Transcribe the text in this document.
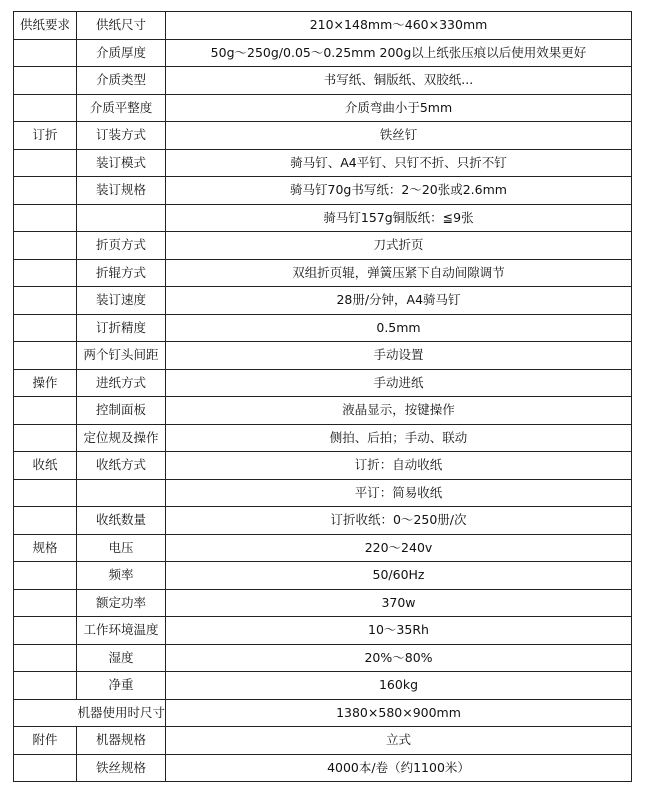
供纸要求	供纸尺寸	210×148mm～460×330mm
	介质厚度	50g～250g/0.05～0.25mm 200g以上纸张压痕以后使用效果更好
	介质类型	书写纸、铜版纸、双胶纸...
	介质平整度	介质弯曲小于5mm
订折	订装方式	铁丝钉
	装订模式	骑马钉、A4平钉、只钉不折、只折不钉
	装订规格	骑马钉70g书写纸：2～20张或2.6mm
		骑马钉157g铜版纸：≦9张
	折页方式	刀式折页
	折辊方式	双组折页辊，弹簧压紧下自动间隙调节
	装订速度	28册/分钟，A4骑马钉
	订折精度	0.5mm
	两个钉头间距	手动设置
操作	进纸方式	手动进纸
	控制面板	液晶显示，按键操作
	定位规及操作	侧拍、后拍；手动、联动
收纸	收纸方式	订折：自动收纸
		平订：简易收纸
	收纸数量	订折收纸：0～250册/次
规格	电压	220～240v
	频率	50/60Hz
	额定功率	370w
	工作环境温度	10～35Rh
	湿度	20%～80%
	净重	160kg
机器使用时尺寸		1380×580×900mm
附件	机器规格	立式
	铁丝规格	4000本/卷（约1100米）
